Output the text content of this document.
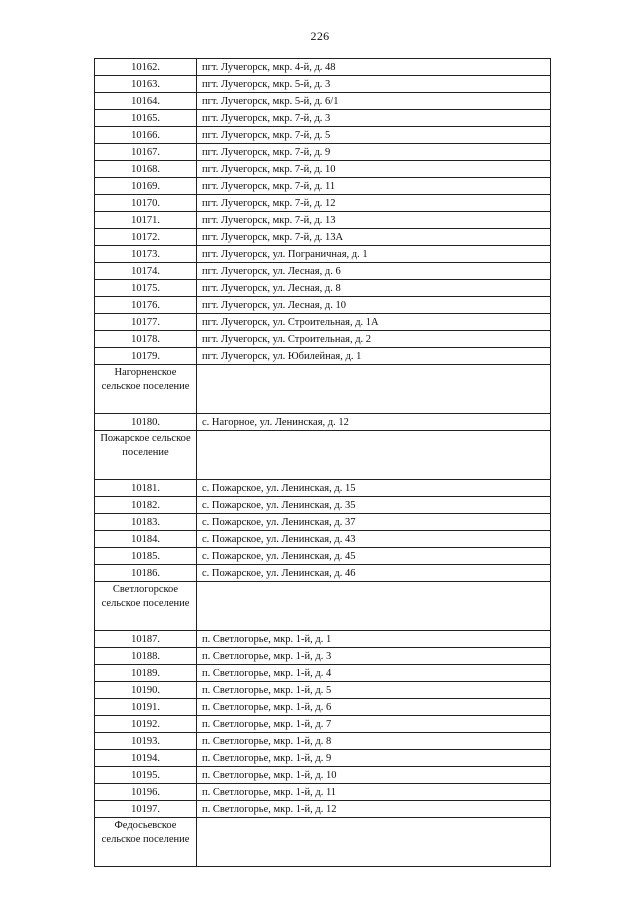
226
10162.	пгт. Лучегорск, мкр. 4-й, д. 48
10163.	пгт. Лучегорск, мкр. 5-й, д. 3
10164.	пгт. Лучегорск, мкр. 5-й, д. 6/1
10165.	пгт. Лучегорск, мкр. 7-й, д. 3
10166.	пгт. Лучегорск, мкр. 7-й, д. 5
10167.	пгт. Лучегорск, мкр. 7-й, д. 9
10168.	пгт. Лучегорск, мкр. 7-й, д. 10
10169.	пгт. Лучегорск, мкр. 7-й, д. 11
10170.	пгт. Лучегорск, мкр. 7-й, д. 12
10171.	пгт. Лучегорск, мкр. 7-й, д. 13
10172.	пгт. Лучегорск, мкр. 7-й, д. 13А
10173.	пгт. Лучегорск, ул. Пограничная, д. 1
10174.	пгт. Лучегорск, ул. Лесная, д. 6
10175.	пгт. Лучегорск, ул. Лесная, д. 8
10176.	пгт. Лучегорск, ул. Лесная, д. 10
10177.	пгт. Лучегорск, ул. Строительная, д. 1А
10178.	пгт. Лучегорск, ул. Строительная, д. 2
10179.	пгт. Лучегорск, ул. Юбилейная, д. 1
Нагорненское сельское поселение	
10180.	с. Нагорное, ул. Ленинская, д. 12
Пожарское сельское поселение	
10181.	с. Пожарское, ул. Ленинская, д. 15
10182.	с. Пожарское, ул. Ленинская, д. 35
10183.	с. Пожарское, ул. Ленинская, д. 37
10184.	с. Пожарское, ул. Ленинская, д. 43
10185.	с. Пожарское, ул. Ленинская, д. 45
10186.	с. Пожарское, ул. Ленинская, д. 46
Светлогорское сельское поселение	
10187.	п. Светлогорье, мкр. 1-й, д. 1
10188.	п. Светлогорье, мкр. 1-й, д. 3
10189.	п. Светлогорье, мкр. 1-й, д. 4
10190.	п. Светлогорье, мкр. 1-й, д. 5
10191.	п. Светлогорье, мкр. 1-й, д. 6
10192.	п. Светлогорье, мкр. 1-й, д. 7
10193.	п. Светлогорье, мкр. 1-й, д. 8
10194.	п. Светлогорье, мкр. 1-й, д. 9
10195.	п. Светлогорье, мкр. 1-й, д. 10
10196.	п. Светлогорье, мкр. 1-й, д. 11
10197.	п. Светлогорье, мкр. 1-й, д. 12
Федосьевское сельское поселение	
